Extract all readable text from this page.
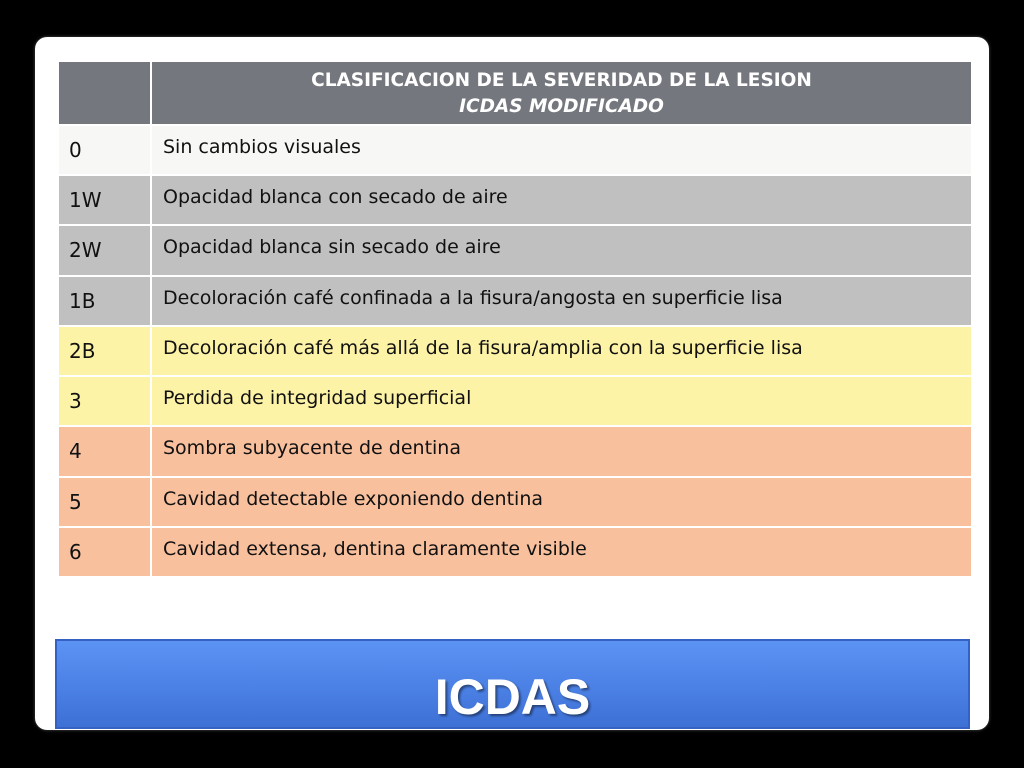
	CLASIFICACION DE LA SEVERIDAD DE LA LESION
ICDAS MODIFICADO

0	Sin cambios visuales
1W	Opacidad blanca con secado de aire
2W	Opacidad blanca sin secado de aire
1B	Decoloración café confinada a la fisura/angosta en superficie lisa
2B	Decoloración café más allá de la fisura/amplia con la superficie lisa
3	Perdida de integridad superficial
4	Sombra subyacente de dentina
5	Cavidad detectable exponiendo dentina
6	Cavidad extensa, dentina claramente visible
ICDAS
